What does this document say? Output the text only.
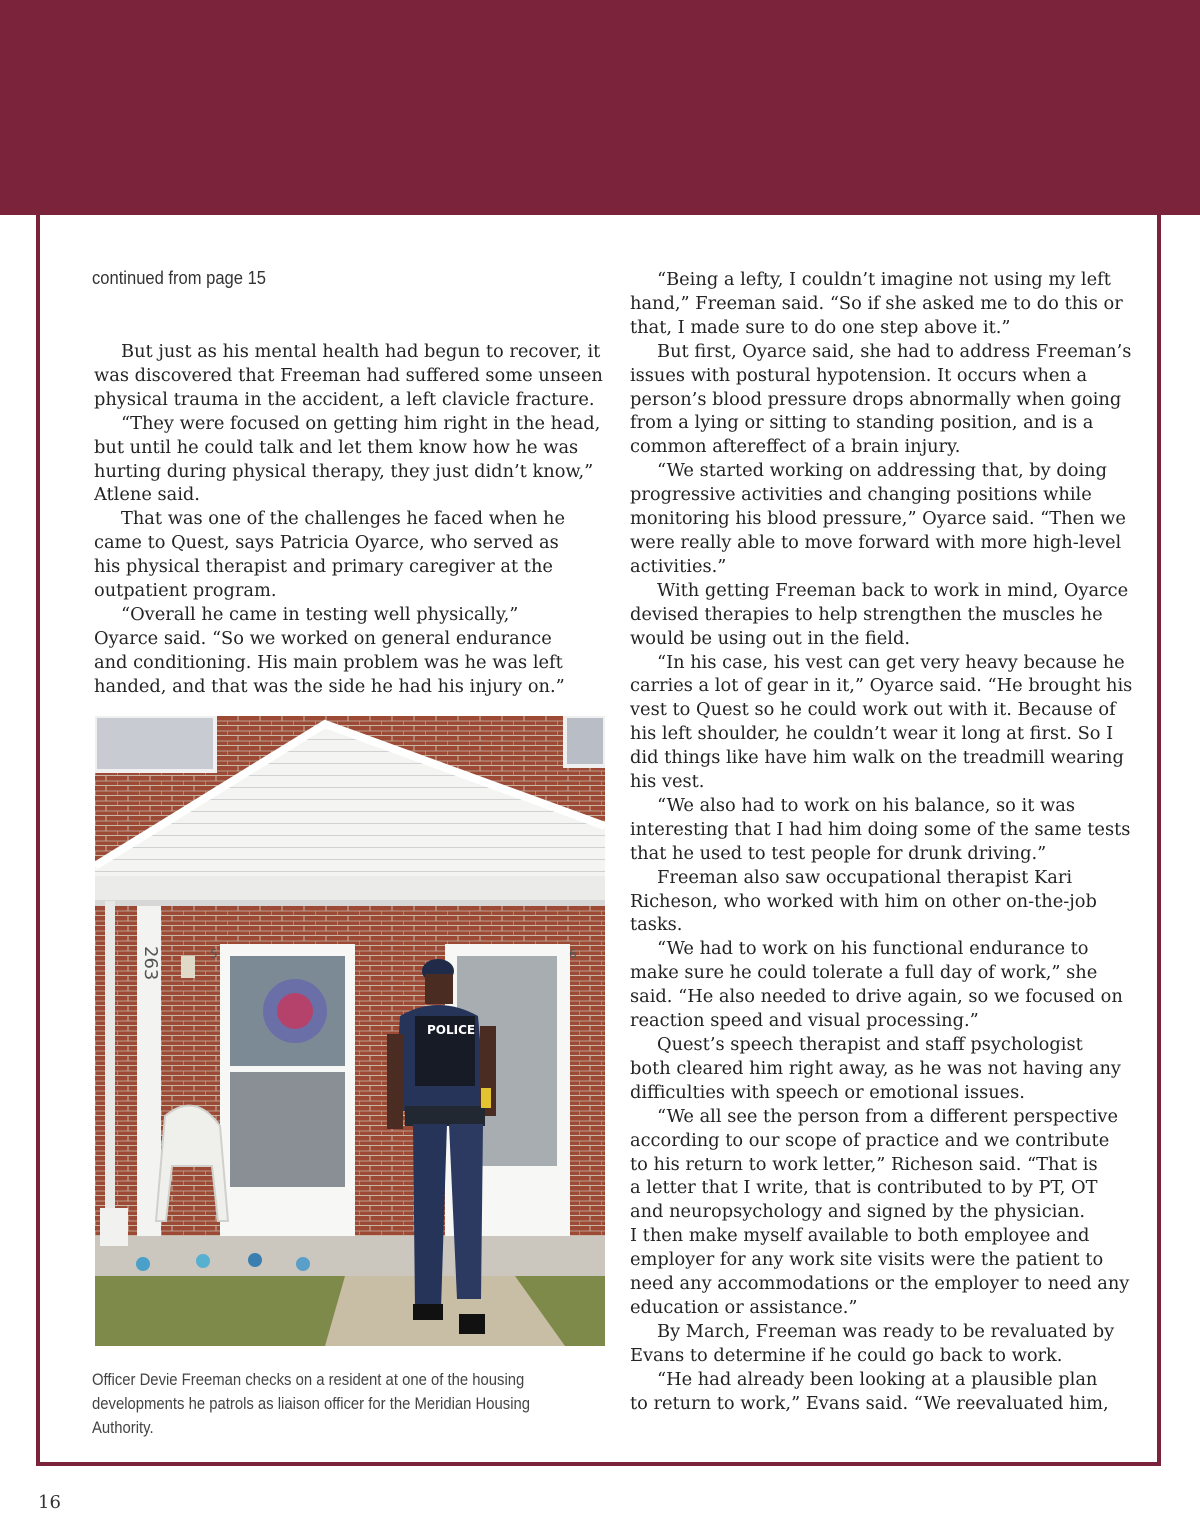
continued from page 15

But just as his mental health had begun to recover, it
was discovered that Freeman had suffered some unseen
physical trauma in the accident, a left clavicle fracture.

“They were focused on getting him right in the head,
but until he could talk and let them know how he was
hurting during physical therapy, they just didn’t know,”
Atlene said.

That was one of the challenges he faced when he
came to Quest, says Patricia Oyarce, who served as
his physical therapist and primary caregiver at the
outpatient program.

“Overall he came in testing well physically,”
Oyarce said. “So we worked on general endurance
and conditioning. His main problem was he was left
handed, and that was the side he had his injury on.”

263	5	6
POLICE
Officer Devie Freeman checks on a resident at one of the housing
developments he patrols as liaison officer for the Meridian Housing Authority.

“Being a lefty, I couldn’t imagine not using my left
hand,” Freeman said. “So if she asked me to do this or
that, I made sure to do one step above it.”

But first, Oyarce said, she had to address Freeman’s
issues with postural hypotension. It occurs when a
person’s blood pressure drops abnormally when going
from a lying or sitting to standing position, and is a
common aftereffect of a brain injury.

“We started working on addressing that, by doing
progressive activities and changing positions while
monitoring his blood pressure,” Oyarce said. “Then we
were really able to move forward with more high-level
activities.”

With getting Freeman back to work in mind, Oyarce
devised therapies to help strengthen the muscles he
would be using out in the field.

“In his case, his vest can get very heavy because he
carries a lot of gear in it,” Oyarce said. “He brought his
vest to Quest so he could work out with it. Because of
his left shoulder, he couldn’t wear it long at first. So I
did things like have him walk on the treadmill wearing
his vest.

“We also had to work on his balance, so it was
interesting that I had him doing some of the same tests
that he used to test people for drunk driving.”

Freeman also saw occupational therapist Kari
Richeson, who worked with him on other on-the-job
tasks.

“We had to work on his functional endurance to
make sure he could tolerate a full day of work,” she
said. “He also needed to drive again, so we focused on
reaction speed and visual processing.”

Quest’s speech therapist and staff psychologist
both cleared him right away, as he was not having any
difficulties with speech or emotional issues.

“We all see the person from a different perspective
according to our scope of practice and we contribute
to his return to work letter,” Richeson said. “That is
a letter that I write, that is contributed to by PT, OT
and neuropsychology and signed by the physician.
I then make myself available to both employee and
employer for any work site visits were the patient to
need any accommodations or the employer to need any
education or assistance.”

By March, Freeman was ready to be revaluated by
Evans to determine if he could go back to work.

“He had already been looking at a plausible plan
to return to work,” Evans said. “We reevaluated him,

16
